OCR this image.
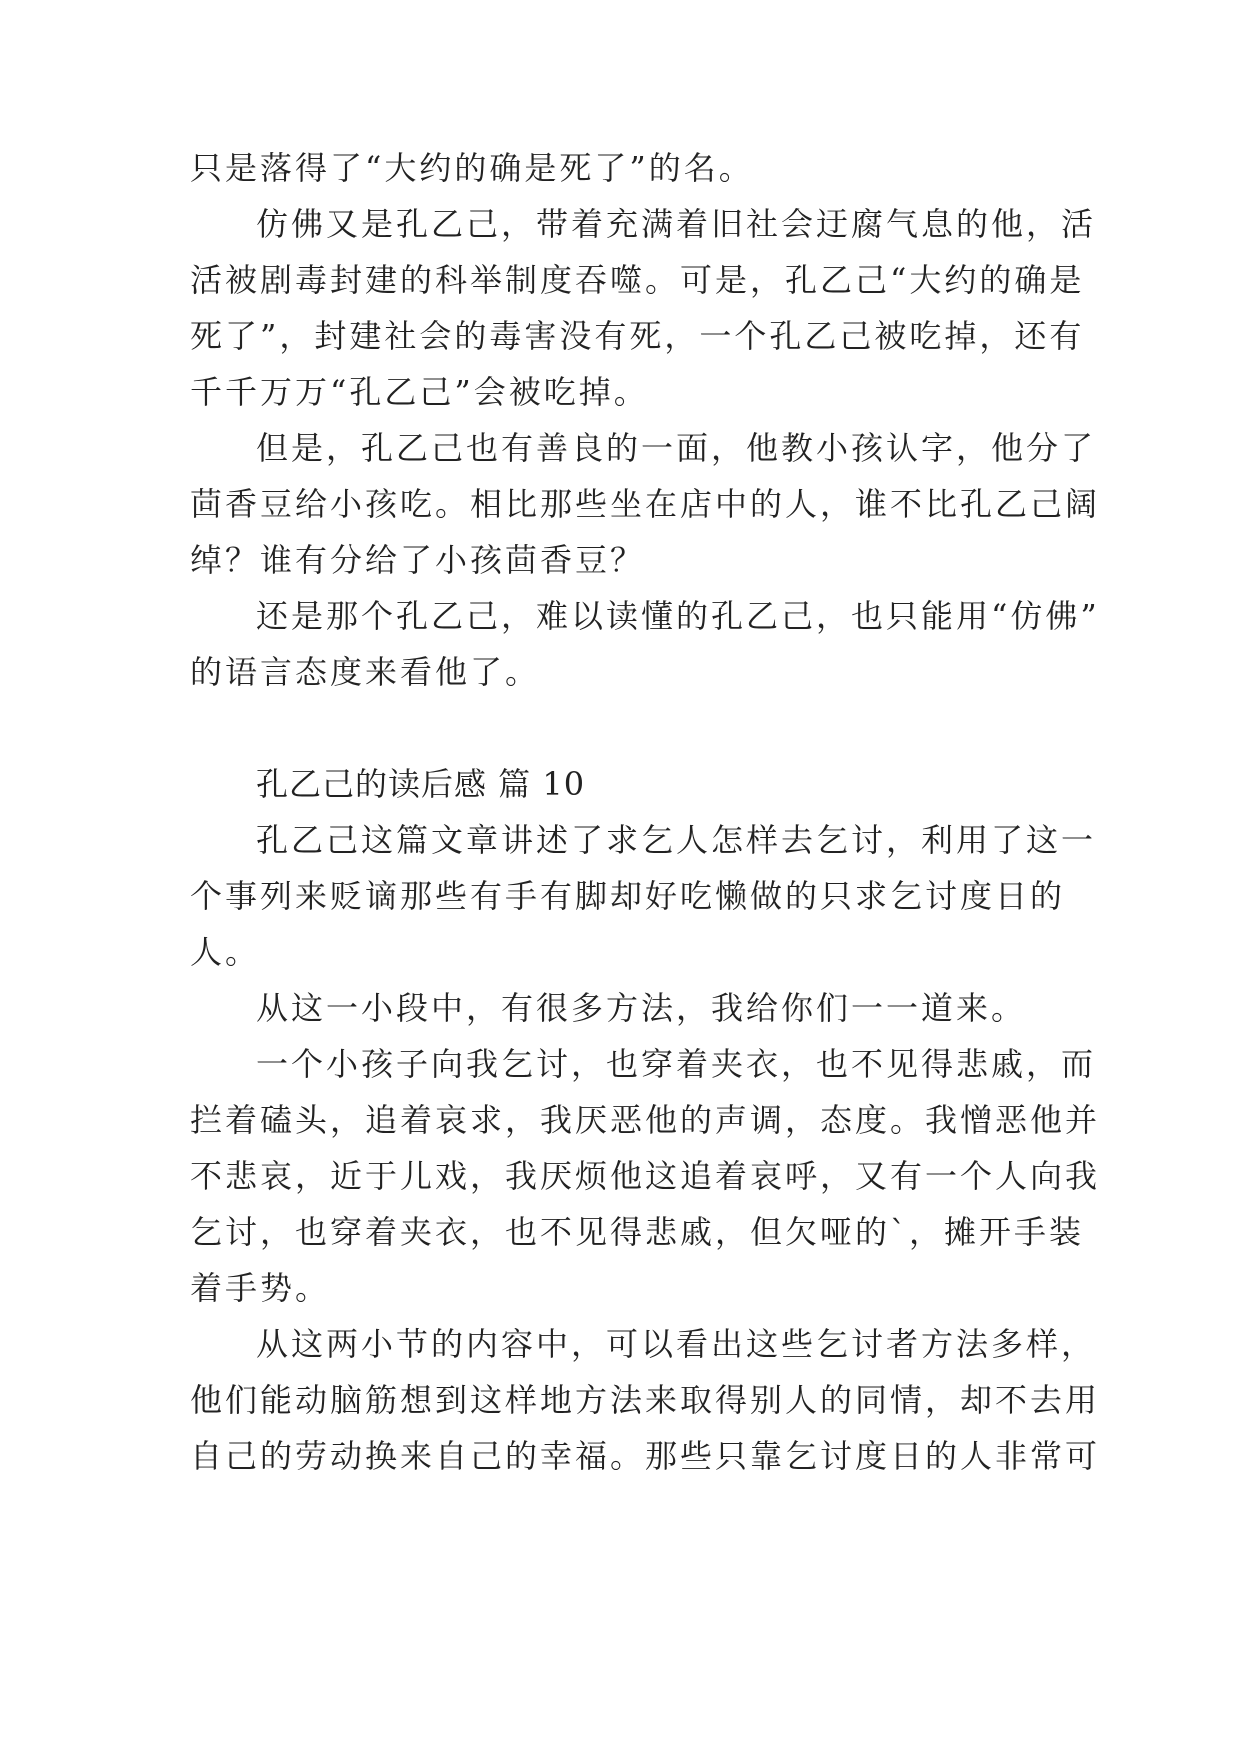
只是落得了“大约的确是死了”的名。
仿佛又是孔乙己，带着充满着旧社会迂腐气息的他，活
活被剧毒封建的科举制度吞噬。可是，孔乙己“大约的确是
死了”，封建社会的毒害没有死，一个孔乙己被吃掉，还有
千千万万“孔乙己”会被吃掉。
但是，孔乙己也有善良的一面，他教小孩认字，他分了
茴香豆给小孩吃。相比那些坐在店中的人，谁不比孔乙己阔
绰？谁有分给了小孩茴香豆？
还是那个孔乙己，难以读懂的孔乙己，也只能用“仿佛”
的语言态度来看他了。
孔乙己的读后感 篇 10
孔乙己这篇文章讲述了求乞人怎样去乞讨，利用了这一
个事列来贬谪那些有手有脚却好吃懒做的只求乞讨度日的
人。
从这一小段中，有很多方法，我给你们一一道来。
一个小孩子向我乞讨，也穿着夹衣，也不见得悲戚，而
拦着磕头，追着哀求，我厌恶他的声调，态度。我憎恶他并
不悲哀，近于儿戏，我厌烦他这追着哀呼，又有一个人向我
乞讨，也穿着夹衣，也不见得悲戚，但欠哑的`，摊开手装
着手势。
从这两小节的内容中，可以看出这些乞讨者方法多样，
他们能动脑筋想到这样地方法来取得别人的同情，却不去用
自己的劳动换来自己的幸福。那些只靠乞讨度日的人非常可
